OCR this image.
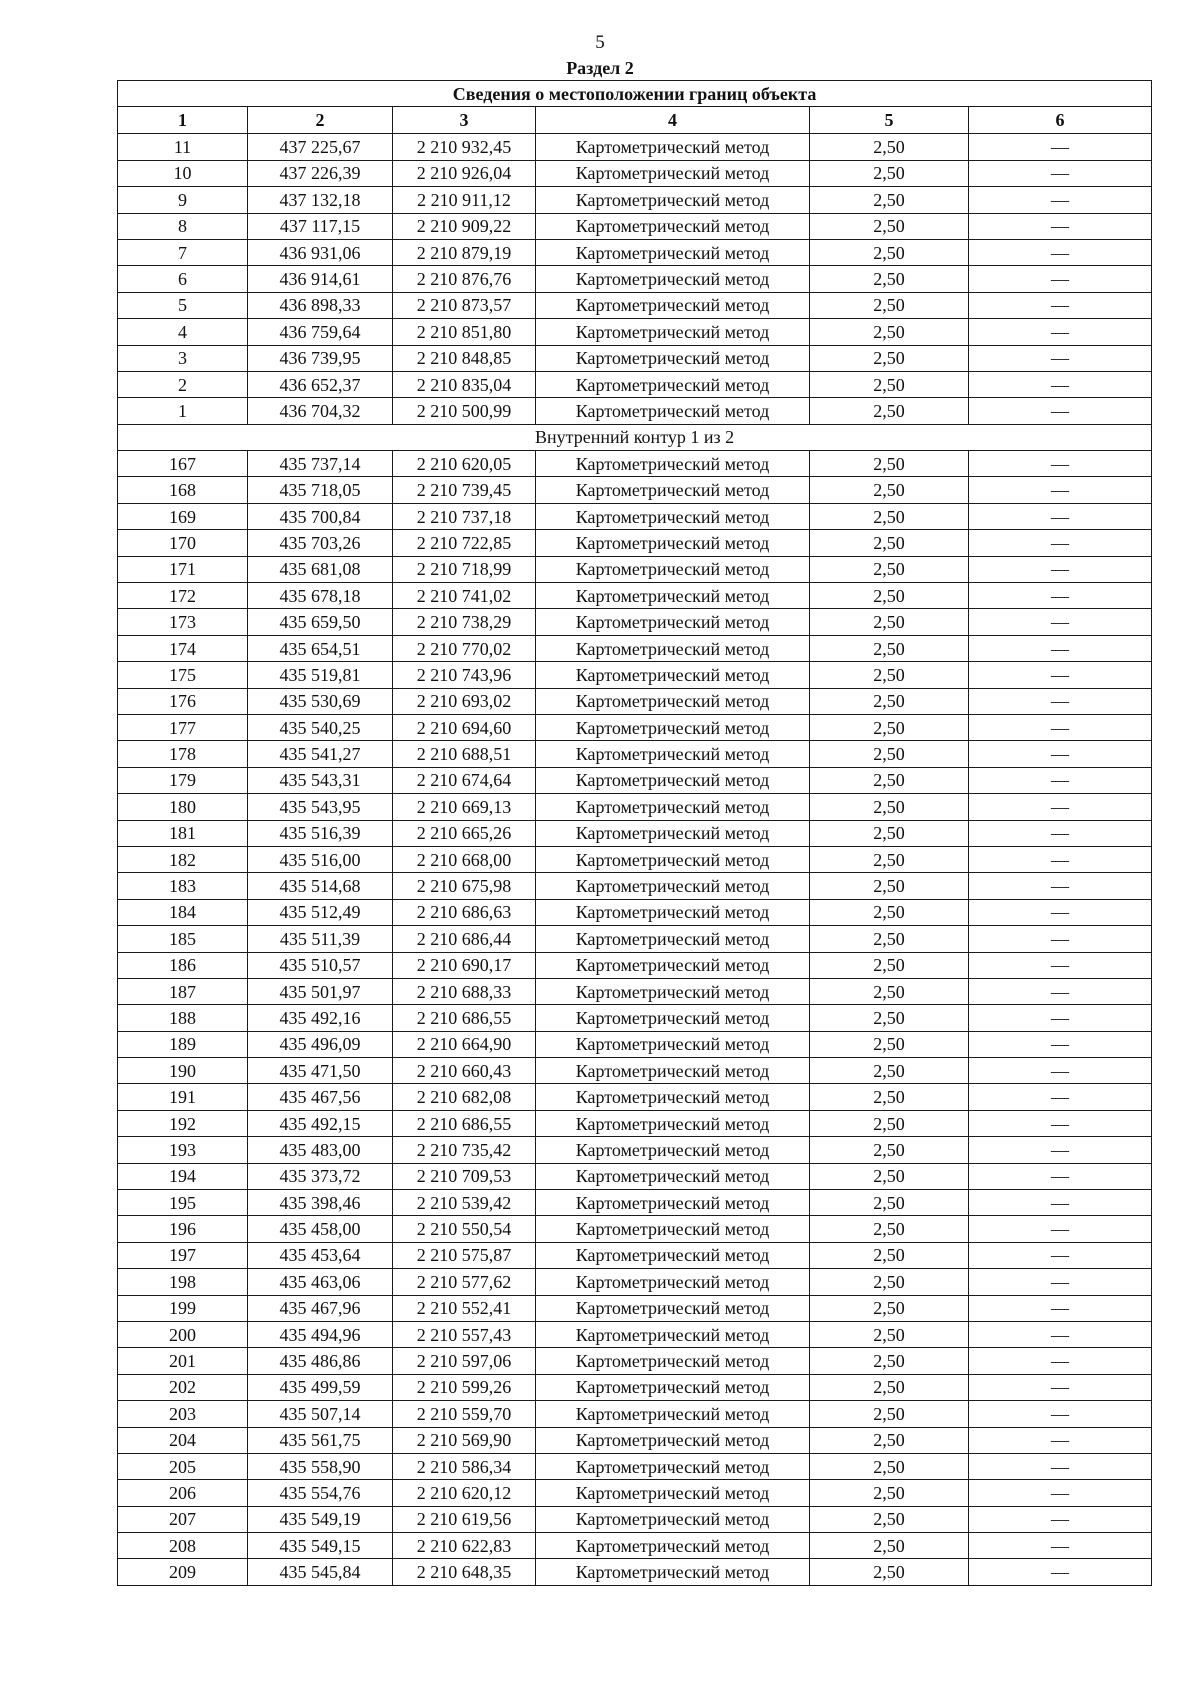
5
Раздел 2
Сведения о местоположении границ объекта					
1	2	3	4	5	6
11	437 225,67	2 210 932,45	Картометрический метод	2,50	—
10	437 226,39	2 210 926,04	Картометрический метод	2,50	—
9	437 132,18	2 210 911,12	Картометрический метод	2,50	—
8	437 117,15	2 210 909,22	Картометрический метод	2,50	—
7	436 931,06	2 210 879,19	Картометрический метод	2,50	—
6	436 914,61	2 210 876,76	Картометрический метод	2,50	—
5	436 898,33	2 210 873,57	Картометрический метод	2,50	—
4	436 759,64	2 210 851,80	Картометрический метод	2,50	—
3	436 739,95	2 210 848,85	Картометрический метод	2,50	—
2	436 652,37	2 210 835,04	Картометрический метод	2,50	—
1	436 704,32	2 210 500,99	Картометрический метод	2,50	—
Внутренний контур 1 из 2					
167	435 737,14	2 210 620,05	Картометрический метод	2,50	—
168	435 718,05	2 210 739,45	Картометрический метод	2,50	—
169	435 700,84	2 210 737,18	Картометрический метод	2,50	—
170	435 703,26	2 210 722,85	Картометрический метод	2,50	—
171	435 681,08	2 210 718,99	Картометрический метод	2,50	—
172	435 678,18	2 210 741,02	Картометрический метод	2,50	—
173	435 659,50	2 210 738,29	Картометрический метод	2,50	—
174	435 654,51	2 210 770,02	Картометрический метод	2,50	—
175	435 519,81	2 210 743,96	Картометрический метод	2,50	—
176	435 530,69	2 210 693,02	Картометрический метод	2,50	—
177	435 540,25	2 210 694,60	Картометрический метод	2,50	—
178	435 541,27	2 210 688,51	Картометрический метод	2,50	—
179	435 543,31	2 210 674,64	Картометрический метод	2,50	—
180	435 543,95	2 210 669,13	Картометрический метод	2,50	—
181	435 516,39	2 210 665,26	Картометрический метод	2,50	—
182	435 516,00	2 210 668,00	Картометрический метод	2,50	—
183	435 514,68	2 210 675,98	Картометрический метод	2,50	—
184	435 512,49	2 210 686,63	Картометрический метод	2,50	—
185	435 511,39	2 210 686,44	Картометрический метод	2,50	—
186	435 510,57	2 210 690,17	Картометрический метод	2,50	—
187	435 501,97	2 210 688,33	Картометрический метод	2,50	—
188	435 492,16	2 210 686,55	Картометрический метод	2,50	—
189	435 496,09	2 210 664,90	Картометрический метод	2,50	—
190	435 471,50	2 210 660,43	Картометрический метод	2,50	—
191	435 467,56	2 210 682,08	Картометрический метод	2,50	—
192	435 492,15	2 210 686,55	Картометрический метод	2,50	—
193	435 483,00	2 210 735,42	Картометрический метод	2,50	—
194	435 373,72	2 210 709,53	Картометрический метод	2,50	—
195	435 398,46	2 210 539,42	Картометрический метод	2,50	—
196	435 458,00	2 210 550,54	Картометрический метод	2,50	—
197	435 453,64	2 210 575,87	Картометрический метод	2,50	—
198	435 463,06	2 210 577,62	Картометрический метод	2,50	—
199	435 467,96	2 210 552,41	Картометрический метод	2,50	—
200	435 494,96	2 210 557,43	Картометрический метод	2,50	—
201	435 486,86	2 210 597,06	Картометрический метод	2,50	—
202	435 499,59	2 210 599,26	Картометрический метод	2,50	—
203	435 507,14	2 210 559,70	Картометрический метод	2,50	—
204	435 561,75	2 210 569,90	Картометрический метод	2,50	—
205	435 558,90	2 210 586,34	Картометрический метод	2,50	—
206	435 554,76	2 210 620,12	Картометрический метод	2,50	—
207	435 549,19	2 210 619,56	Картометрический метод	2,50	—
208	435 549,15	2 210 622,83	Картометрический метод	2,50	—
209	435 545,84	2 210 648,35	Картометрический метод	2,50	—
